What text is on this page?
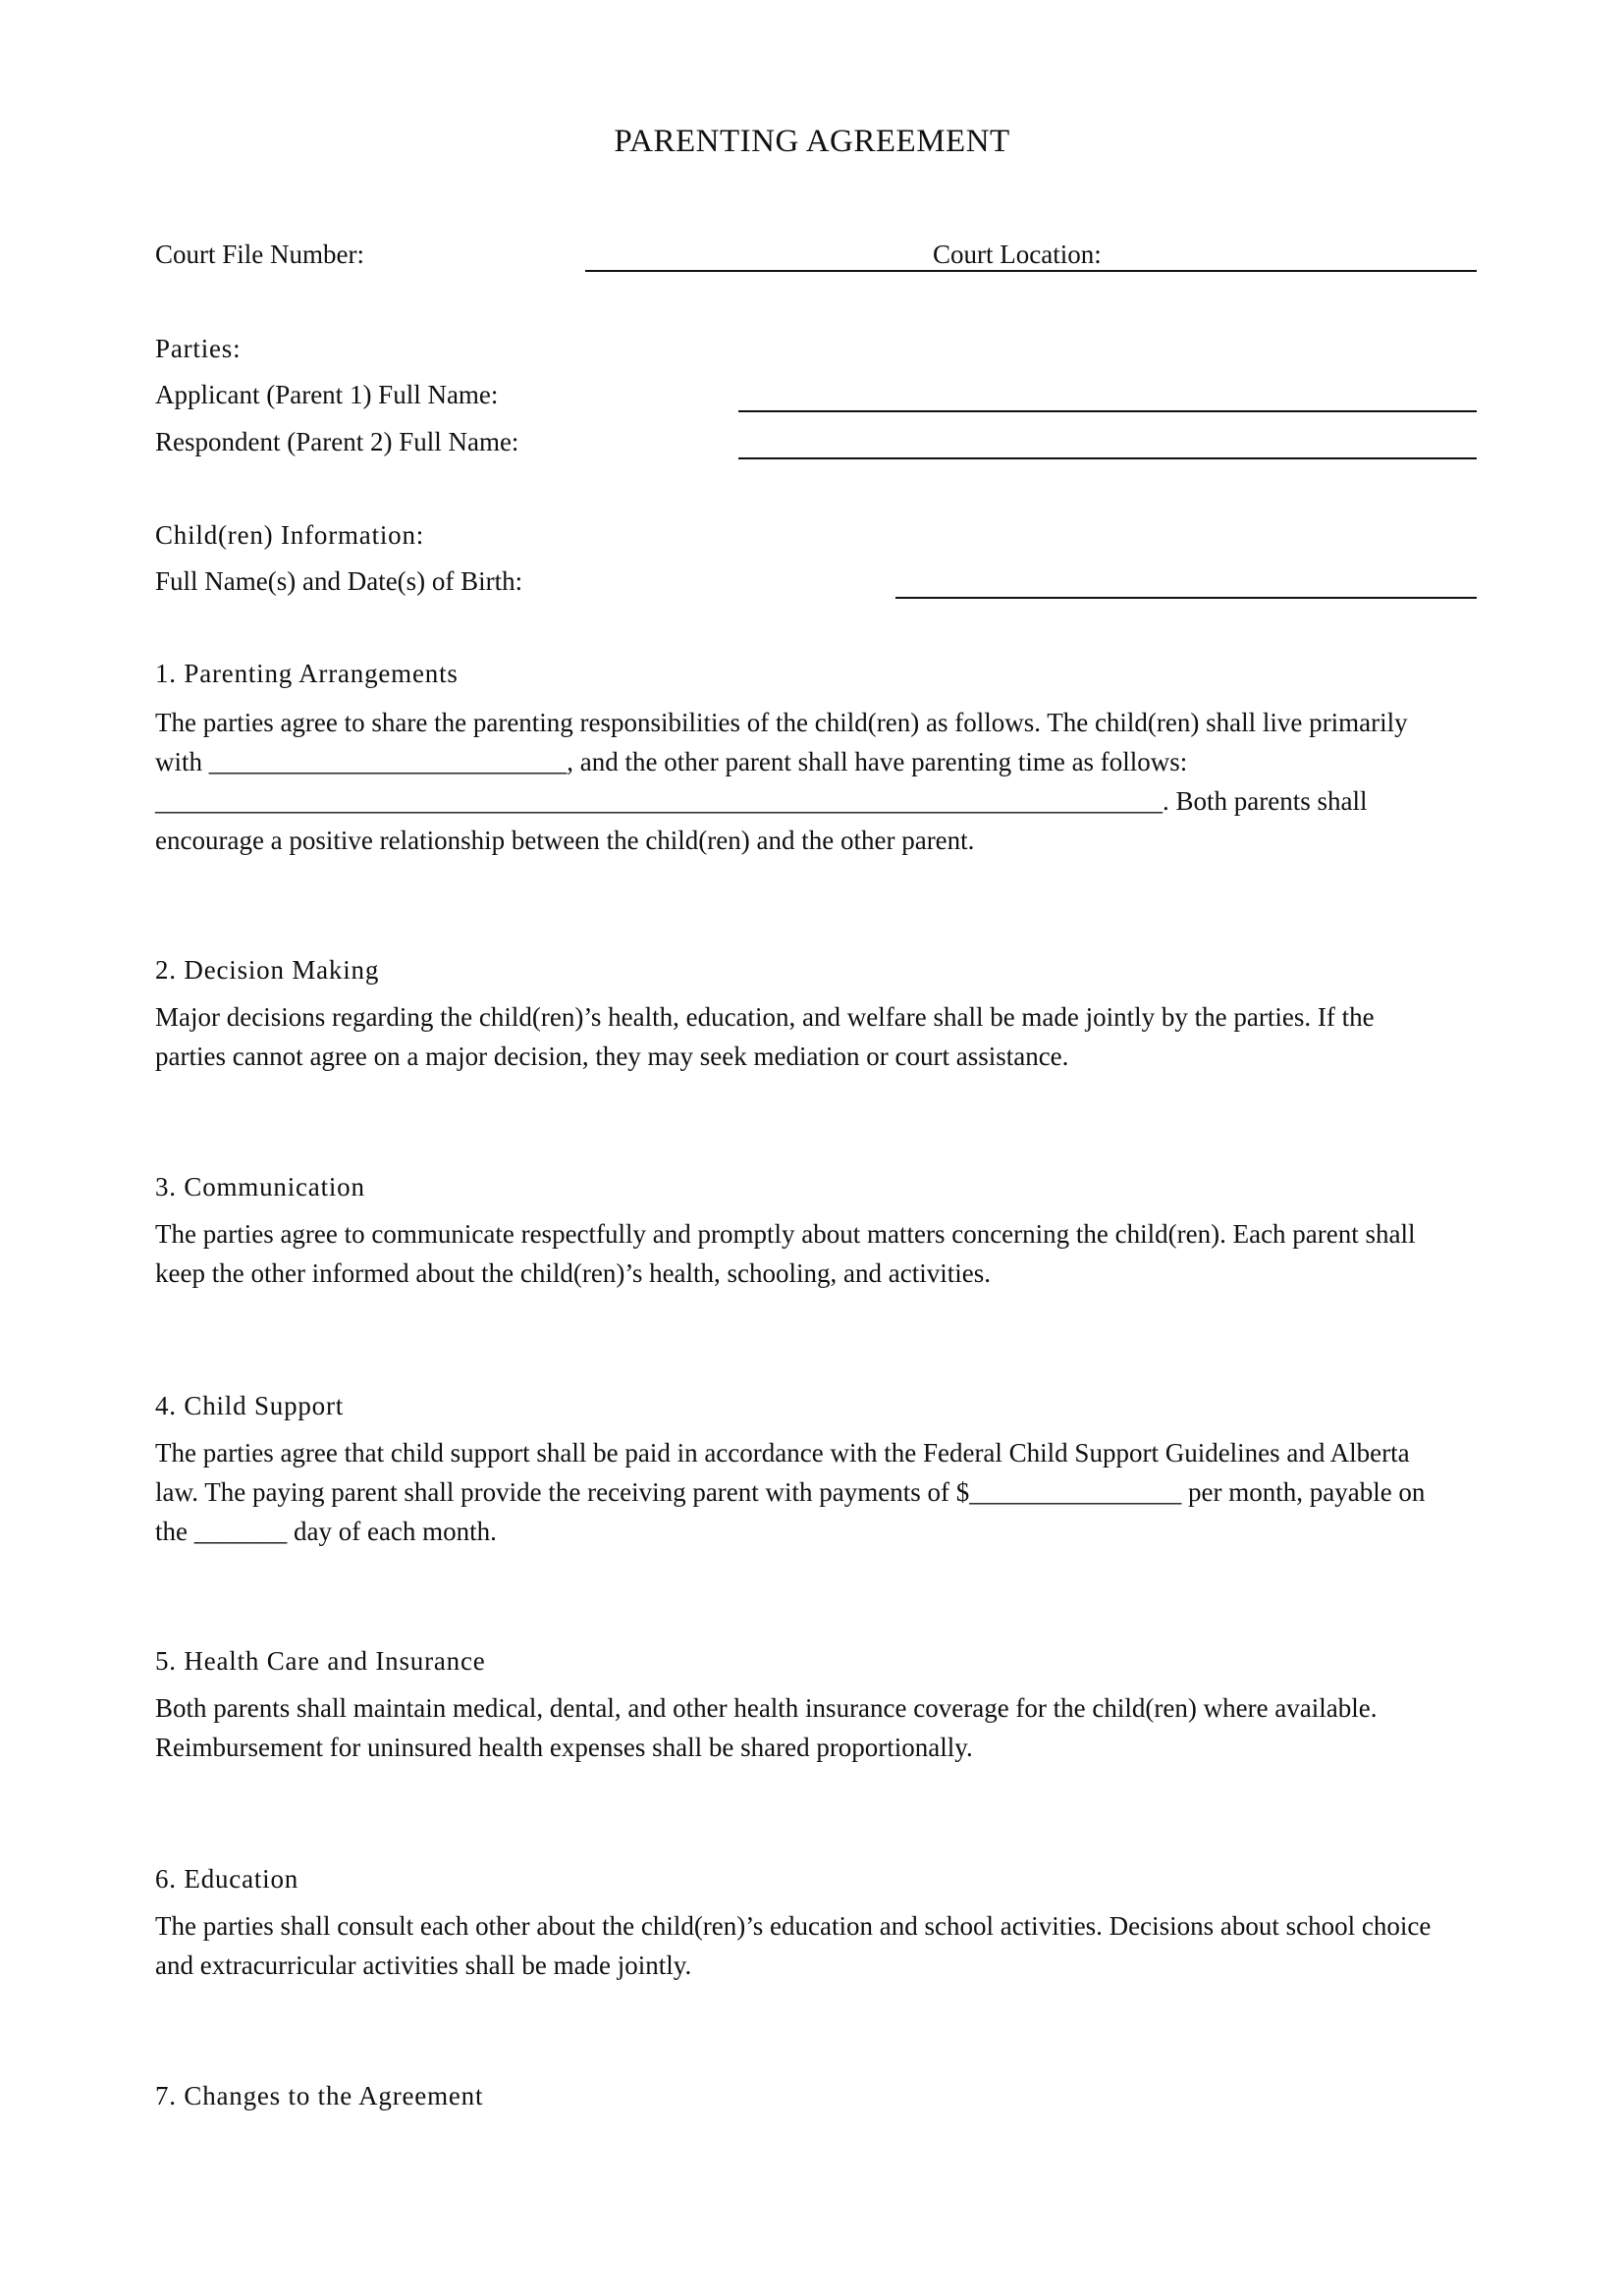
PARENTING AGREEMENT
Court File Number:	Court Location:
Parties:
Applicant (Parent 1) Full Name:
Respondent (Parent 2) Full Name:
Child(ren) Information:
Full Name(s) and Date(s) of Birth:
1. Parenting Arrangements

The parties agree to share the parenting responsibilities of the child(ren) as follows. The child(ren) shall live primarily

with ___________________________, and the other parent shall have parenting time as follows:

____________________________________________________________________________. Both parents shall

encourage a positive relationship between the child(ren) and the other parent.

2. Decision Making

Major decisions regarding the child(ren)’s health, education, and welfare shall be made jointly by the parties. If the

parties cannot agree on a major decision, they may seek mediation or court assistance.

3. Communication

The parties agree to communicate respectfully and promptly about matters concerning the child(ren). Each parent shall

keep the other informed about the child(ren)’s health, schooling, and activities.

4. Child Support

The parties agree that child support shall be paid in accordance with the Federal Child Support Guidelines and Alberta

law. The paying parent shall provide the receiving parent with payments of $________________ per month, payable on

the _______ day of each month.

5. Health Care and Insurance

Both parents shall maintain medical, dental, and other health insurance coverage for the child(ren) where available.

Reimbursement for uninsured health expenses shall be shared proportionally.

6. Education

The parties shall consult each other about the child(ren)’s education and school activities. Decisions about school choice

and extracurricular activities shall be made jointly.

7. Changes to the Agreement
